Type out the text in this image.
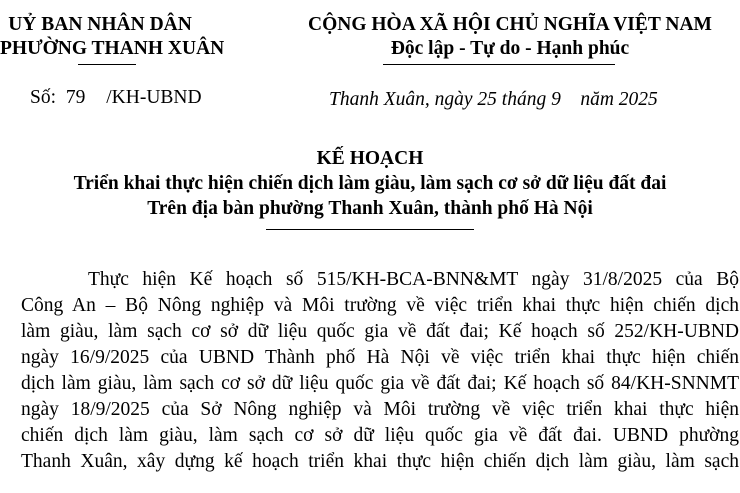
UỶ BAN NHÂN DÂN
PHƯỜNG THANH XUÂN
CỘNG HÒA XÃ HỘI CHỦ NGHĨA VIỆT NAM
Độc lập - Tự do - Hạnh phúc
Số: 79 /KH-UBND	Thanh Xuân, ngày 25 tháng 9    năm 2025
KẾ HOẠCH
Triển khai thực hiện chiến dịch làm giàu, làm sạch cơ sở dữ liệu đất đai
Trên địa bàn phường Thanh Xuân, thành phố Hà Nội
Thực hiện Kế hoạch số 515/KH-BCA-BNN&MT ngày 31/8/2025 của Bộ
Công An – Bộ Nông nghiệp và Môi trường về việc triển khai thực hiện chiến dịch
làm giàu, làm sạch cơ sở dữ liệu quốc gia về đất đai; Kế hoạch số 252/KH-UBND
ngày 16/9/2025 của UBND Thành phố Hà Nội về việc triển khai thực hiện chiến
dịch làm giàu, làm sạch cơ sở dữ liệu quốc gia về đất đai; Kế hoạch số 84/KH-SNNMT
ngày 18/9/2025 của Sở Nông nghiệp và Môi trường về việc triển khai thực hiện
chiến dịch làm giàu, làm sạch cơ sở dữ liệu quốc gia về đất đai. UBND phường
Thanh Xuân, xây dựng kế hoạch triển khai thực hiện chiến dịch làm giàu, làm sạch
